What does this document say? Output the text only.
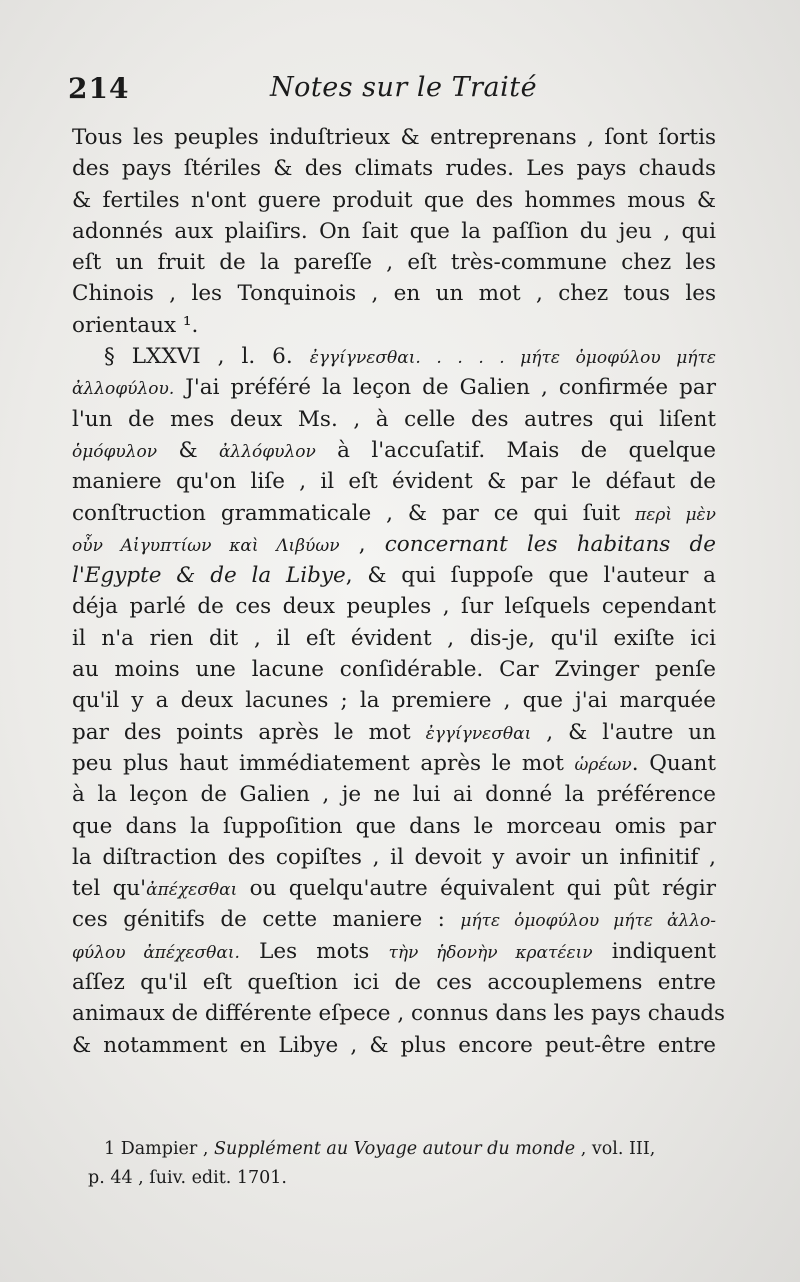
214	Notes sur le Traité
Tous les peuples induſtrieux & entreprenans , ſont ſortis
des pays ſtériles & des climats rudes. Les pays chauds
& fertiles n'ont guere produit que des hommes mous &
adonnés aux plaiſirs. On ſait que la paſſion du jeu , qui
eſt un fruit de la pareſſe , eſt très-commune chez les
Chinois , les Tonquinois , en un mot , chez tous les
orientaux ¹.
§ LXXVI , l. 6. ἐγγίγνεσθαι. . . . . μήτε ὁμοφύλου μήτε
ἀλλοφύλου. J'ai préféré la leçon de Galien , confirmée par
l'un de mes deux Ms. , à celle des autres qui liſent
ὁμόφυλον & ἀλλόφυλον à l'accuſatif. Mais de quelque
maniere qu'on liſe , il eſt évident & par le défaut de
conſtruction grammaticale , & par ce qui ſuit περὶ μὲν
οὖν Αἰγυπτίων καὶ Λιβύων , concernant les habitans de
l'Egypte & de la Libye, & qui ſuppoſe que l'auteur a
déja parlé de ces deux peuples , ſur leſquels cependant
il n'a rien dit , il eſt évident , dis-je, qu'il exiſte ici
au moins une lacune conſidérable. Car Zvinger penſe
qu'il y a deux lacunes ; la premiere , que j'ai marquée
par des points après le mot ἐγγίγνεσθαι , & l'autre un
peu plus haut immédiatement après le mot ὡρέων. Quant
à la leçon de Galien , je ne lui ai donné la préférence
que dans la ſuppoſition que dans le morceau omis par
la diſtraction des copiſtes , il devoit y avoir un infinitif ,
tel qu'ἀπέχεσθαι ou quelqu'autre équivalent qui pût régir
ces génitifs de cette maniere : μήτε ὁμοφύλου μήτε ἀλλο-
φύλου ἀπέχεσθαι. Les mots τὴν ἡδονὴν κρατέειν indiquent
aſſez qu'il eſt queſtion ici de ces accouplemens entre
animaux de différente eſpece , connus dans les pays chauds
& notamment en Libye , & plus encore peut-être entre
1 Dampier , Supplément au Voyage autour du monde , vol. III,
p. 44 , ſuiv. edit. 1701.
